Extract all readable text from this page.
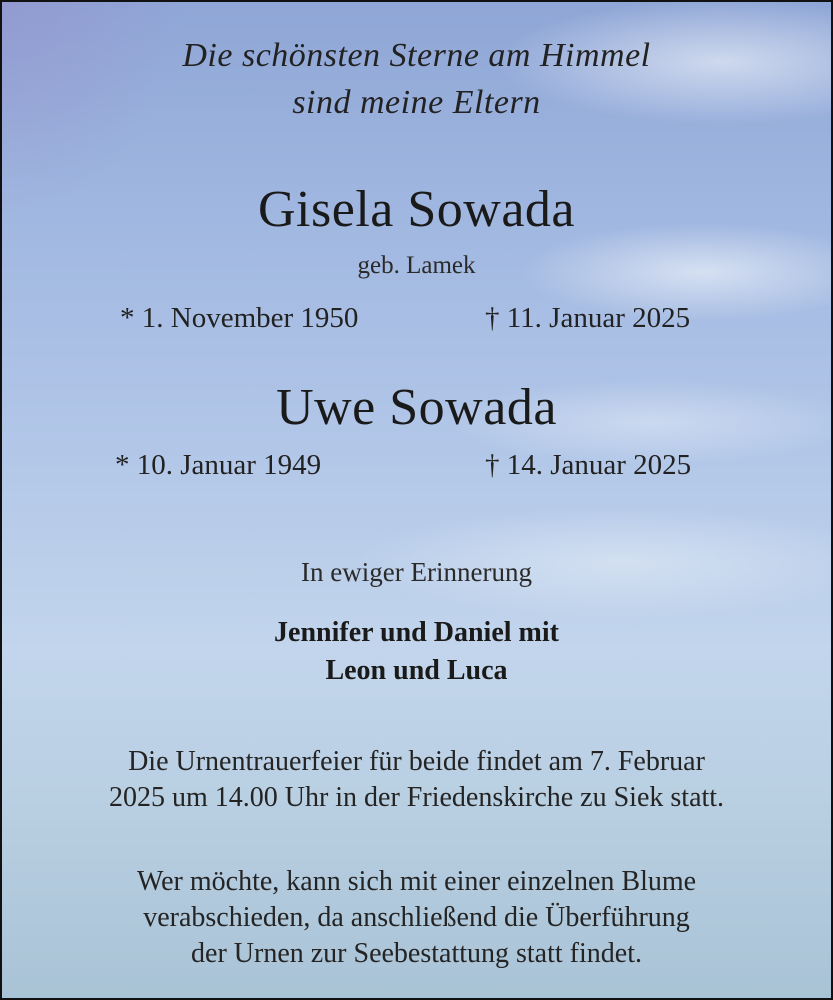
Die schönsten Sterne am Himmel
sind meine Eltern
Gisela Sowada
geb. Lamek
* 1. November 1950	† 11. Januar 2025
Uwe Sowada
* 10. Januar 1949	† 14. Januar 2025
In ewiger Erinnerung
Jennifer und Daniel mit
Leon und Luca
Die Urnentrauerfeier für beide findet am 7. Februar
2025 um 14.00 Uhr in der Friedenskirche zu Siek statt.
Wer möchte, kann sich mit einer einzelnen Blume
verabschieden, da anschließend die Überführung
der Urnen zur Seebestattung statt findet.
